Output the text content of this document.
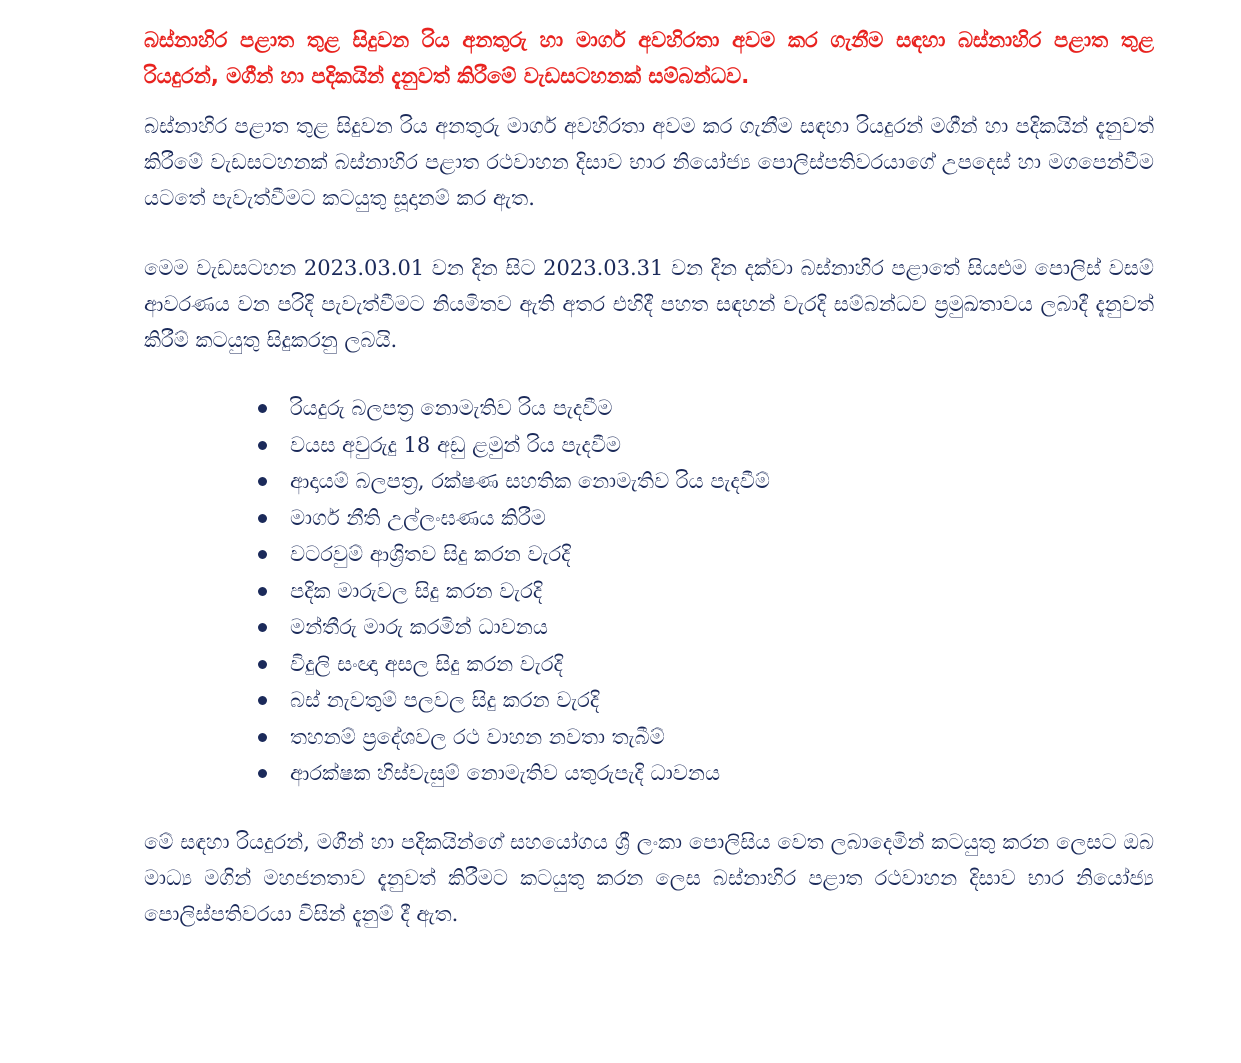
බස්නාහිර පළාත තුළ සිදුවන රිය අනතුරු හා මාර්ග අවහිරතා අවම කර ගැනීම සඳහා බස්නාහිර පළාත තුළ රියදුරන්, මගීන් හා පදිකයින් දැනුවත් කිරීමේ වැඩසටහනක් සම්බන්ධව.

බස්නාහිර පළාත තුළ සිදුවන රිය අනතුරු මාර්ග අවහිරතා අවම කර ගැනීම සඳහා රියදුරන් මගීන් හා පදිකයින් දැනුවත් කිරීමේ වැඩසටහනක් බස්නාහිර පළාත රථවාහන දිසාව භාර නියෝජ්‍ය පොලිස්පතිවරයාගේ උපදෙස් හා මගපෙන්වීම යටතේ පැවැත්වීමට කටයුතු සූදානම් කර ඇත.

මෙම වැඩසටහන 2023.03.01 වන දින සිට 2023.03.31 වන දින දක්වා බස්නාහිර පළාතේ සියළුම පොලිස් වසම් ආවරණය වන පරිදි පැවැත්වීමට නියමිතව ඇති අතර එහිදී පහත සඳහන් වැරදි සම්බන්ධව ප්‍රමුඛතාවය ලබාදී දැනුවත් කිරීම් කටයුතු සිදුකරනු ලබයි.

රියදුරු බලපත්‍ර නොමැතිව රිය පැදවීම
වයස අවුරුදු 18 අඩු ළමුන් රිය පැදවීම
ආදායම් බලපත්‍ර, රක්ෂණ සහතික නොමැතිව රිය පැදවීම්
මාර්ග නීති උල්ලංඝණය කිරීම
වටරවුම් ආශ්‍රිතව සිදු කරන වැරදි
පදික මාරුවල සිදු කරන වැරදි
මන්තීරු මාරු කරමින් ධාවනය
විදුලි සංඥා අසල සිදු කරන වැරදි
බස් නැවතුම් පලවල සිදු කරන වැරදි
තහනම් ප්‍රදේශවල රථ වාහන නවතා තැබීම්
ආරක්ෂක හිස්වැසුම් නොමැතිව යතුරුපැදි ධාවනය

මේ සඳහා රියදුරන්, මගීන් හා පදිකයින්ගේ සහයෝගය ශ්‍රී ලංකා පොලිසිය වෙත ලබාදෙමින් කටයුතු කරන ලෙසට ඔබ මාධ්‍ය මගින් මහජනතාව දැනුවත් කිරීමට කටයුතු කරන ලෙස බස්නාහිර පළාත රථවාහන දිසාව භාර නියෝජ්‍ය පොලිස්පතිවරයා විසින් දැනුම් දී ඇත.
